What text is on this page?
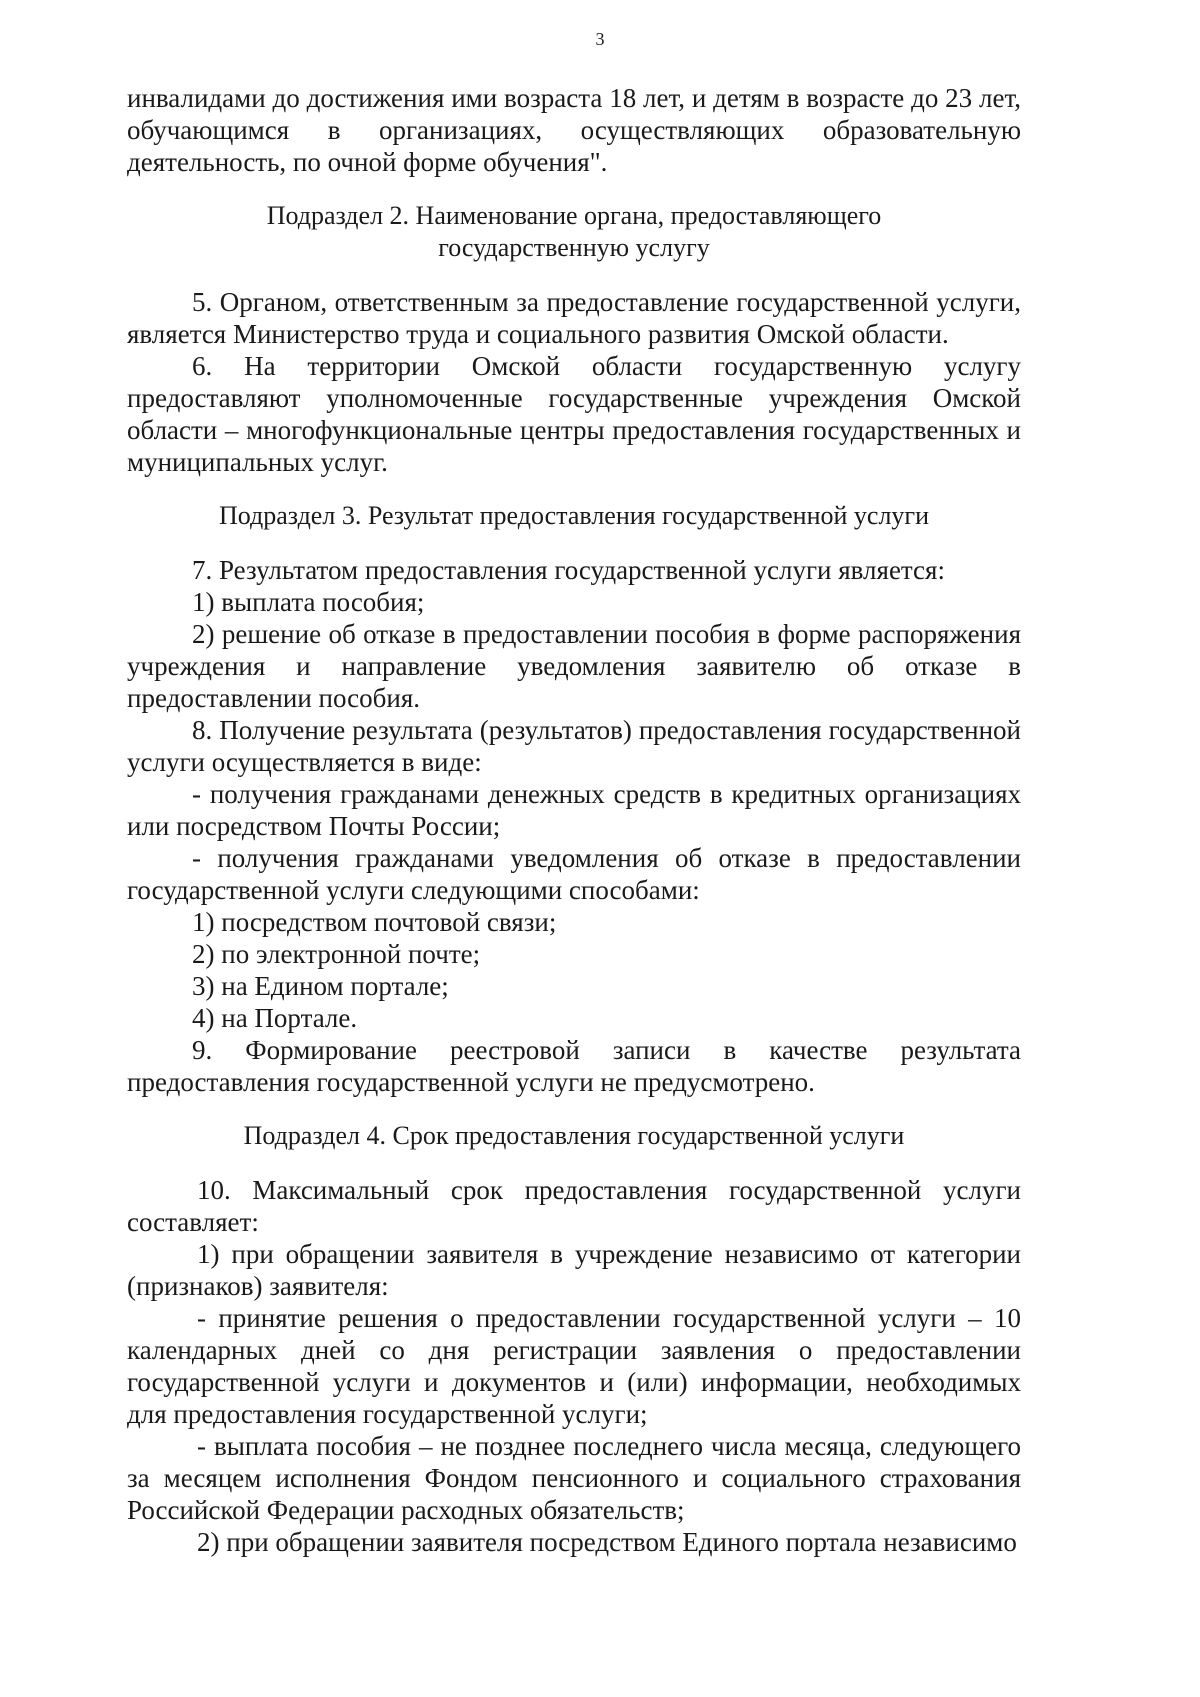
3

инвалидами до достижения ими возраста 18 лет, и детям в возрасте до 23 лет, обучающимся в организациях, осуществляющих образовательную деятельность, по очной форме обучения".

Подраздел 2. Наименование органа, предоставляющего
государственную услугу

5. Органом, ответственным за предоставление государственной услуги, является Министерство труда и социального развития Омской области.

6. На территории Омской области государственную услугу предоставляют уполномоченные государственные учреждения Омской области – многофункциональные центры предоставления государственных и муниципальных услуг.

Подраздел 3. Результат предоставления государственной услуги

7. Результатом предоставления государственной услуги является:

1) выплата пособия;

2) решение об отказе в предоставлении пособия в форме распоряжения учреждения и направление уведомления заявителю об отказе в предоставлении пособия.

8. Получение результата (результатов) предоставления государственной услуги осуществляется в виде:

- получения гражданами денежных средств в кредитных организациях или посредством Почты России;

- получения гражданами уведомления об отказе в предоставлении государственной услуги следующими способами:

1) посредством почтовой связи;

2) по электронной почте;

3) на Едином портале;

4) на Портале.

9. Формирование реестровой записи в качестве результата предоставления государственной услуги не предусмотрено.

Подраздел 4. Срок предоставления государственной услуги

10. Максимальный срок предоставления государственной услуги составляет:

1) при обращении заявителя в учреждение независимо от категории (признаков) заявителя:

- принятие решения о предоставлении государственной услуги – 10 календарных дней со дня регистрации заявления о предоставлении государственной услуги и документов и (или) информации, необходимых для предоставления государственной услуги;

- выплата пособия – не позднее последнего числа месяца, следующего за месяцем исполнения Фондом пенсионного и социального страхования Российской Федерации расходных обязательств;

2) при обращении заявителя посредством Единого портала независимо
